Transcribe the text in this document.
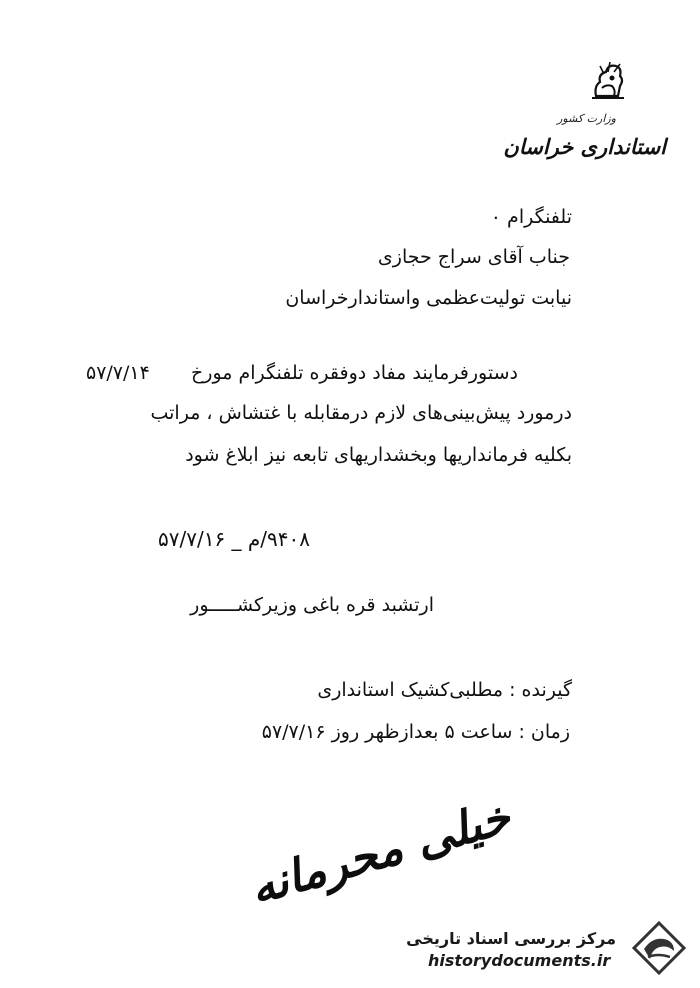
وزارت کشور
استانداری خراسان
تلفنگرام ۰
جناب آقای سراج حجازی
نیابت تولیت‌عظمی واستاندارخراسان
دستورفرمایند مفاد دوفقره تلفنگرام مورخ
۵۷/۷/۱۴
درمورد پیش‌بینی‌های لازم درمقابله با غتشاش ، مراتب
بکلیه فرمانداریها وبخشداریهای تابعه نیز ابلاغ شود
۹۴۰۸/م _ ۵۷/۷/۱۶
ارتشبد قره باغی وزیرکشـــــور
گیرنده : مطلبی‌کشیک استانداری
زمان : ساعت ۵ بعدازظهر روز ۵۷/۷/۱۶
خیلی محرمانه
مرکز بررسی اسناد تاریخی
historydocuments.ir
